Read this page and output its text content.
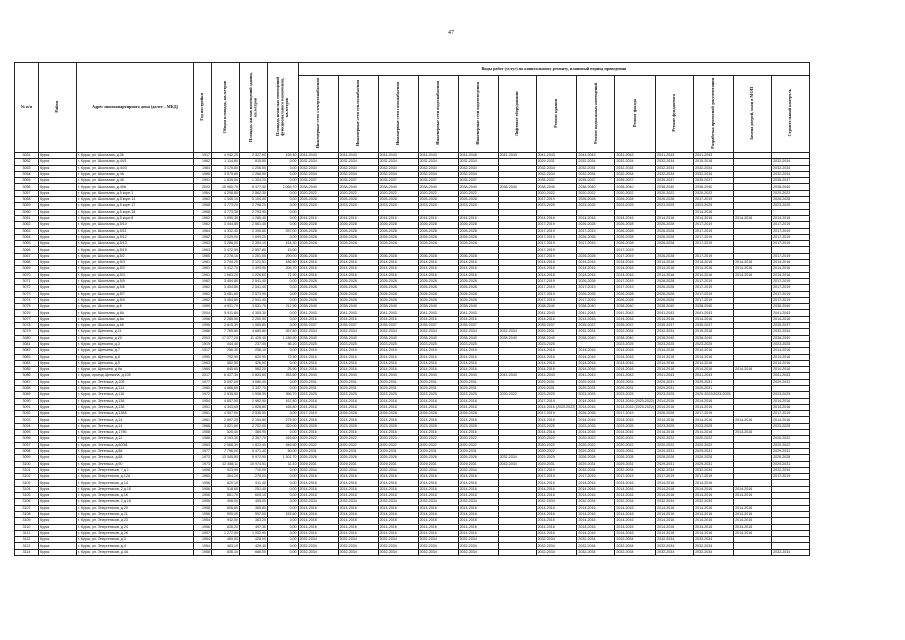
47
№ п/п	Район	Адрес многоквартирного дома (далее – МКД)	Год постройки	Общая площадь, кв.метров	Площадь жилых помещений здания, кв.метров	Площадь нежилых помещений функционального назначения, кв.метров	Виды работ (услуг) по капитальному ремонту, плановый период проведения												
							Инженерные сети электроснабжения	Инженерные сети теплоснабжения	Инженерные сети газоснабжения	Инженерные сети водоснабжения	Инженерные сети водоотведения	Лифтовое оборудование	Ремонт крыши	Ремонт подвальных помещений	Ремонт фасада	Ремонт фундамента	Разработка проектной документации	Замена дверей, окон в МОП	Строительный контроль
3051	Курск	г. Курск, ул. Школьная, д.36	1917	4 042,20	2 327,90	159,40	2041-2043	2041-2043	2041-2043	2041-2043	2041-2045	2041-2043	2041-2043	2041-2043	2041-2043	2041-2043	2041-2043		
3052	Курск	г. Курск, ул. Школьная, д.44/1	1962	1 114,80	815,50	0,00	2032-2034	2032-2034	2032-2034	2032-2034	2032-2034		2029-2031	2032-2034	2032-2034	2032-2034	2015-2018		2032-2034
3053	Курск	г. Курск, ул. Школьная, д.44/3	1984	3 175,80	1 206,50	0,00	2032-2034	2032-2034	2032-2034	2032-2034	2032-2034		2032-2034	2032-2034	2032-2034	2032-2034	2032-2034		2032-2034
3054	Курск	г. Курск, ул. Школьная, д.46	1986	3 575,80	1 268,50	0,00	2032-2034	2032-2034	2032-2034	2032-2034	2032-2034		2032-2034	2032-2034	2032-2034	2032-2034	2032-2034		2032-2034
3055	Курск	г. Курск, ул. Школьная, д.48	1991	1 835,50	1 304,20	0,00	2035-2037	2035-2037	2035-2037	2035-2037	2035-2037		2035-2037	2035-2037	2035-2037	2035-2037	2035-2037		2035-2037
3056	Курск	г. Курск, ул. Школьная, д.49А	2003	15 960,70	8 477,30	2 065,70	2038-2040	2038-2040	2038-2040	2038-2040	2038-2040	2038-2040	2038-2040	2038-2040	2038-2040	2038-2040	2038-2040		2038-2040
3057	Курск	г. Курск, ул. Школьная, д.5 корп.1	1964	4 208,80	2 562,30	0,00	2020-2022	2020-2022	2020-2022	2020-2022	2020-2022		2020-2022	2020-2022	2020-2022	2020-2022	2020-2022		2020-2022
3058	Курск	г. Курск, ул. Школьная, д.5 корп.14	1963	1 345,10	5 104,00	0,00	2026-2028	2026-2028	2026-2028	2026-2028	2026-2028		2017-2019	2026-2028	2026-2028	2026-2028	2017-2019		2026-2028
3059	Курск	г. Курск, ул. Школьная, д.5 корп.17	1968	3 773,20	2 798,20	0,00	2023-2025	2023-2025	2023-2025	2023-2025	2023-2025		2023-2025	2023-2025	2023-2025	2023-2025	2023-2025		2023-2025
3060	Курск	г. Курск, ул. Школьная, д.5 корп.18	1968	3 773,30	2 793,90	0,00											2014-2016		
3061	Курск	г. Курск, ул. Школьная, д.5 корп.8	1962	1 990,30	1 285,40	0,00	2014-2016	2014-2016	2014-2016	2014-2016	2014-2016		2014-2016	2014-2016	2014-2016	2014-2016	2014-2016	2014-2016	2014-2016
3062	Курск	г. Курск, ул. Школьная, д.5/10	1962	3 444,80	2 561,40	0,00	2026-2028	2026-2028	2026-2028	2026-2028	2026-2028		2017-2019	2026-2028	2026-2028	2026-2028	2017-2019		2017-2019
3063	Курск	г. Курск, ул. Школьная, д.5/11	1964	4 332,40	2 395,60	257,00	2026-2028	2026-2028	2026-2028	2026-2028	2026-2028		2017-2019	2017-2019	2026-2028	2026-2028	2017-2019		2017-2019
3064	Курск	г. Курск, ул. Школьная, д.5/12	1962	3 029,00	1 699,20	0,00	2026-2028	2026-2028	2026-2028	2026-2028	2026-2028		2017-2019	2026-2028	2026-2028	2026-2028	2017-2019		2017-2019
3065	Курск	г. Курск, ул. Школьная, д.5/13	1963	3 288,00	2 394,10	154,30	2026-2028	2026-2028	2026-2028	2026-2028	2026-2028		2017-2019	2017-2019	2026-2028	2026-2028	2017-2019		2017-2019
3066	Курск	г. Курск, ул. Школьная, д.5/15	1963	3 472,50	2 557,80	15,00							2017-2019		2017-2019				
3067	Курск	г. Курск, ул. Школьная, д.5/2	1960	2 278,10	1 251,00	290,00	2026-2028	2026-2028	2026-2028	2026-2028	2026-2028		2017-2019	2026-2028	2017-2019	2026-2028	2017-2019		2017-2019
3068	Курск	г. Курск, ул. Школьная, д.5/3	1961	2 744,20	2 121,51	186,50	2014-2016	2014-2016	2014-2016	2014-2016	2014-2016		2014-2016	2014-2016	2014-2016	2014-2016	2014-2016	2014-2016	2014-2016
3069	Курск	г. Курск, ул. Школьная, д.5/3	1961	3 312,70	1 493,90	206,70	2014-2016	2014-2016	2014-2016	2014-2016	2014-2016		2014-2016	2014-2016	2014-2016	2014-2016	2014-2016	2014-2016	2014-2016
3070	Курск	г. Курск, ул. Школьная, д.5/4	1961	1 663,20	1 226,60	71,90	2014-2016	2014-2016	2014-2016	2014-2016	2014-2016		2014-2016	2014-2016	2014-2016	2014-2016	2014-2016	2014-2016	2014-2016
3071	Курск	г. Курск, ул. Школьная, д.5/5	1962	3 454,80	2 541,40	0,00	2026-2028	2026-2028	2026-2028	2026-2028	2026-2028		2017-2019	2026-2028	2017-2019	2026-2028	2017-2019		2017-2019
3072	Курск	г. Курск, ул. Школьная, д.5/6	1962	3 454,80	2 541,40	0,00	2026-2028	2026-2028	2026-2028	2026-2028	2026-2028		2017-2019	2017-2019	2017-2019	2026-2028	2017-2019		2017-2019
3073	Курск	г. Курск, ул. Школьная, д.5/7	1962	3 481,60	2 573,90	0,00	2026-2028	2026-2028	2026-2028	2026-2028	2026-2028		2017-2019	2026-2028	2026-2028	2026-2028	2017-2019		2017-2019
3074	Курск	г. Курск, ул. Школьная, д.5/9	1962	3 454,80	2 541,40	0,00	2026-2028	2026-2028	2026-2028	2026-2028	2026-2028		2017-2019	2017-2019	2026-2028	2026-2028	2017-2019		2017-2019
3075	Курск	г. Курск, ул. Школьная, д.6	1999	4 931,70	3 631,70	212,90	2038-2040	2038-2040	2038-2040	2038-2040	2038-2040		2038-2040	2038-2040	2038-2040	2038-2040	2038-2040		2038-2040
3076	Курск	г. Курск, ул. Школьная, д.6А	2004	5 911,60	4 305,30	0,00	2041-2043	2041-2043	2041-2043	2041-2043	2041-2043		2041-2043	2041-2043	2041-2043	2041-2043	2041-2043		2041-2043
3077	Курск	г. Курск, ул. Школьная, д.6а	1958	2 285,50	2 250,90	0,00	2014-2016	2014-2016	2014-2016	2014-2016	2014-2016		2014-2016	2014-2016	2014-2016	2014-2016	2014-2016		2014-2016
3078	Курск	г. Курск, ул. Школьная, д.68	1996	2 815,30	1 585,80	0,00	2035-2037	2035-2037	2035-2037	2035-2037	2035-2037		2035-2037	2035-2037	2035-2037	2035-2037	2035-2037		2035-2037
3079	Курск	г. Курск, ул. Щепкина, д.11	1988	7 785,80	4 680,80	357,80	2032-2034	2032-2034	2032-2034	2032-2034	2032-2034	2032-2034	2029-2031	2032-2034	2032-2034	2032-2034	2015-2018		2032-2034
3080	Курск	г. Курск, ул. Щепкина, д.20	2003	17 077,20	11 425,40	1 189,90	2038-2040	2038-2040	2038-2040	2038-2040	2038-2040	2038-2040	2038-2040	2038-2040	2038-2040	2038-2040	2038-2040		2038-2040
3081	Курск	г. Курск, ул. Щепкина, д.3	1919	444,40	237,40	46,20	2023-2025	2023-2025	2023-2025	2023-2025	2023-2025		2023-2025		2023-2025	2023-2025	2023-2025		2023-2025
3082	Курск	г. Курск, ул. Щепкина, д.7	1917	256,30	256,10	0,00	2014-2016	2014-2016	2014-2016	2014-2016	2014-2016		2014-2016	2014-2016	2014-2016	2014-2016	2014-2016		2014-2016
3083	Курск	г. Курск, ул. Щепкина, д.8	1990	792,90	620,90	72,50	2014-2016	2014-2016	2014-2016	2014-2016	2014-2016		2014-2016	2014-2016	2014-2016	2014-2016	2014-2016		2014-2016
3084	Курск	г. Курск, ул. Щепкина, д.9	1963	582,50	426,50	0,00	2014-2016	2014-2016	2014-2016	2014-2016	2014-2016		2014-2016	2014-2016	2014-2016	2014-2016	2014-2016		2014-2016
3085	Курск	г. Курск, ул. Щепкина, д.9а	1960	845,60	583,20	25,90	2014-2016	2014-2016	2014-2016	2014-2016	2014-2016		2014-2016	2014-2016	2014-2016	2014-2016	2014-2016	2014-2016	2014-2016
3086	Курск	г. Курск, проезд Щепкина, д.105	2017	6 427,30	2 833,60	253,60	2041-2043	2041-2043	2041-2043	2041-2043	2041-2043	2041-2043	2041-2043	2041-2043	2041-2043	2041-2043	2041-2043		2041-2043
3087	Курск	г. Курск, ул. Энгельса, д.105	1977	5 097,00	3 080,40	0,00	2029-2031	2029-2031	2029-2031	2029-2031	2029-2031		2029-2031	2029-2031	2029-2031	2029-2031	2029-2031		2029-2031
3088	Курск	г. Курск, ул. Энгельса, д.114	1980	4 686,60	3 337,70	0,00	2029-2031	2029-2031	2029-2031	2029-2031	2029-2031		2029-2031	2029-2031	2029-2031	2029-2031	2029-2031		
3089	Курск	г. Курск, ул. Энгельса, д.116	1972	2 535,50	1 596,30	356,70	2023-2025	2023-2025	2023-2025	2023-2025	2023-2025	2020-2022	2023-2025	2023-2025	2023-2025	2023-2025	2020-2022/2023-2025		2023-2025
3090	Курск	г. Курск, ул. Энгельса, д.136	1954	4 657,50	2 962,90	167,80	2014-2016	2014-2016	2014-2016	2014-2016	2014-2016		2017-2019	2014-2016	2014-2016 (2020-2022)	2014-2016	2014-2016		2014-2016
3091	Курск	г. Курск, ул. Энгельса, д.138	1951	4 343,69	1 628,80	165,80	2014-2016	2014-2016	2014-2016	2014-2016	2014-2016		2014-2016 (2020-2022)	2014-2016	2014-2016 (2020-2022)	2014-2016	2014-2016		2014-2016
3092	Курск	г. Курск, ул. Энгельса, д.138А	1961	4 507,00	2 535,50	0,00	2017-2019	2026-2028	2026-2028	2026-2028	2026-2028		2017-2019	2026-2028	2017-2019	2026-2028	2017-2019		2017-2019
3093	Курск	г. Курск, ул. Энгельса, д.14	1961	2 897,20	2 154,80	275,50	2014-2016	2014-2016	2014-2016	2014-2016	2014-2016		2014-2016	2014-2016	2014-2016	2014-2016	2014-2016	2014-2016	2014-2016
3094	Курск	г. Курск, ул. Энгельса, д.14	1968	3 521,60	2 702,00	320,00	2023-2025	2023-2025	2023-2025	2023-2025	2023-2025		2023-2025	2023-2025	2023-2025	2023-2025	2023-2025		2023-2025
3095	Курск	г. Курск, ул. Энгельса, д.179Б	1958	526,40	380,90	0,00	2014-2016	2014-2016	2014-2016	2014-2016	2014-2016		2014-2016	2014-2016	2014-2016	2014-2016	2014-2016	2014-2016	
3096	Курск	г. Курск, ул. Энгельса, д.12	1986	3 103,30	2 357,70	416,60	2029-2022	2029-2022	2020-2023	2020-2022	2020-2022		2020-2022	2020-2022	2020-2022	2020-2022	2020-2022		2020-2022
3097	Курск	г. Курск, ул. Энгельса, д.60/38	1963	2 568,30	1 823,40	546,50	2020-2022	2020-2022	2020-2022	2020-2022	2020-2022		2020-2022	2020-2022	2020-2022	2020-2022	2020-2022		2020-2022
3098	Курск	г. Курск, ул. Энгельса, д.86	1977	7 796,00	5 471,40	60,00	2029-2031	2029-2031	2029-2031	2029-2031	2029-2031		2020-2022	2029-2031	2029-2031	2029-2031	2029-2031		2029-2031
3099	Курск	г. Курск, ул. Энгельса, д.88	1973	13 345,80	5 972,90	1 301,70	2026-2028	2026-2028	2026-2028	2026-2028	2026-2028	2032-2034	2023-2025	2026-2028	2026-2028	2026-2028	2026-2028		2026-2028
3100	Курск	г. Курск, ул. Энгельса, д.90	1973	12 458,11	10 974,51	11,10	2029-2031	2029-2031	2029-2031	2029-2031	2029-2031	2032-2034	2029-2031	2029-2031	2029-2031	2029-2031	2029-2031		2029-2031
3101	Курск	г. Курск, ул. Энергетиков, 7 д.1	1958	923,90	710,00	0,00	2032-2034	2032-2034	2032-2034	2032-2034	2032-2034		2017-2019	2032-2034	2032-2034	2032-2034	2032-2034		2032-2034
3102	Курск	г. Курск, ул. Энергетиков, д.12А	1960	304,20	278,00	0,00	2014-2016	2014-2016	2014-2016	2014-2016	2014-2016		2017-2019	2017-2019	2017-2019	2017-2019	2017-2019		2017-2019
3103	Курск	г. Курск, ул. Энергетиков, д.14	1958	620,10	511,40	0,00	2014-2016	2014-2016	2014-2016	2014-2016	2014-2016		2014-2016	2014-2016	2014-2016	2014-2016	2014-2016		
3104	Курск	г. Курск, ул. Энергетиков, 2 д.15	1956	518,60	251,40	0,00	2014-2016	2014-2016	2014-2016	2014-2016	2014-2016		2014-2016	2014-2016	2014-2016	2014-2016	2014-2016	2014-2016	
3105	Курск	г. Курск, ул. Энергетиков, д.16	1956	861,70	605,10	0,00	2014-2016	2014-2016	2014-2016	2014-2016	2014-2016		2014-2016	2014-2016	2014-2016	2014-2016	2014-2016	2014-2016	
3106	Курск	г. Курск, ул. Энергетиков, 2 д.18	1956	408,00	405,00	0,00	2032-2034	2032-2034	2032-2034	2032-2034	2032-2034		2032-2034	2032-2034	2032-2034	2032-2034	2032-2034		
3107	Курск	г. Курск, ул. Энергетиков, д.20	1958	606,80	385,80	0,00	2014-2016	2014-2016	2014-2016	2014-2016	2014-2016		2014-2016	2014-2016	2014-2016	2014-2016	2014-2016	2014-2016	
3108	Курск	г. Курск, ул. Энергетиков, д.21	1956	595,00	597,00	153,60	2014-2016	2014-2016	2014-2016	2014-2016	2014-2016		2014-2016	2014-2016	2014-2016	2014-2016	2014-2016	2014-2016	
3109	Курск	г. Курск, ул. Энергетиков, д.23	1954	942,00	383,20	0,00	2014-2016	2014-2016	2014-2016	2014-2016	2014-2016		2014-2016	2014-2016	2014-2016	2014-2016	2014-2016	2014-2016	
3110	Курск	г. Курск, ул. Энергетиков, д.24	1956	626,20	407,30	0,00	2014-2016	2014-2016	2014-2016	2014-2016	2014-2016		2014-2016	2014-2016	2014-2016	2014-2016	2014-2016	2014-2016	
3111	Курск	г. Курск, ул. Энергетиков, д.26	1957	1 272,50	1 002,90	0,00	2014-2016	2014-2016	2014-2016	2014-2016	2014-2016		2014-2016	2014-2016	2014-2016	2014-2016	2014-2016	2014-2016	
3112	Курск	г. Курск, ул. Энергетиков, д.3	1954	469,50	428,00	0,00	2032-2034	2032-2034	2032-2034	2032-2034	2032-2034		2032-2034	2032-2034	2032-2034	2032-2034	2032-2034		
3113	Курск	г. Курск, ул. Энергетиков, д.4	1954	463,10	428,40	0,00	2032-2034	2032-2034	2032-2034	2032-2034	2032-2034		2032-2034	2032-2034	2032-2034	2032-2034	2032-2034		
3114	Курск	г. Курск, ул. Энергетиков, д.4А	1958	836,10	686,00	0,00	2032-2034	2032-2034	2032-2034	2032-2034	2032-2034		2032-2034	2032-2034	2032-2034	2032-2034	2032-2034		2032-2034
